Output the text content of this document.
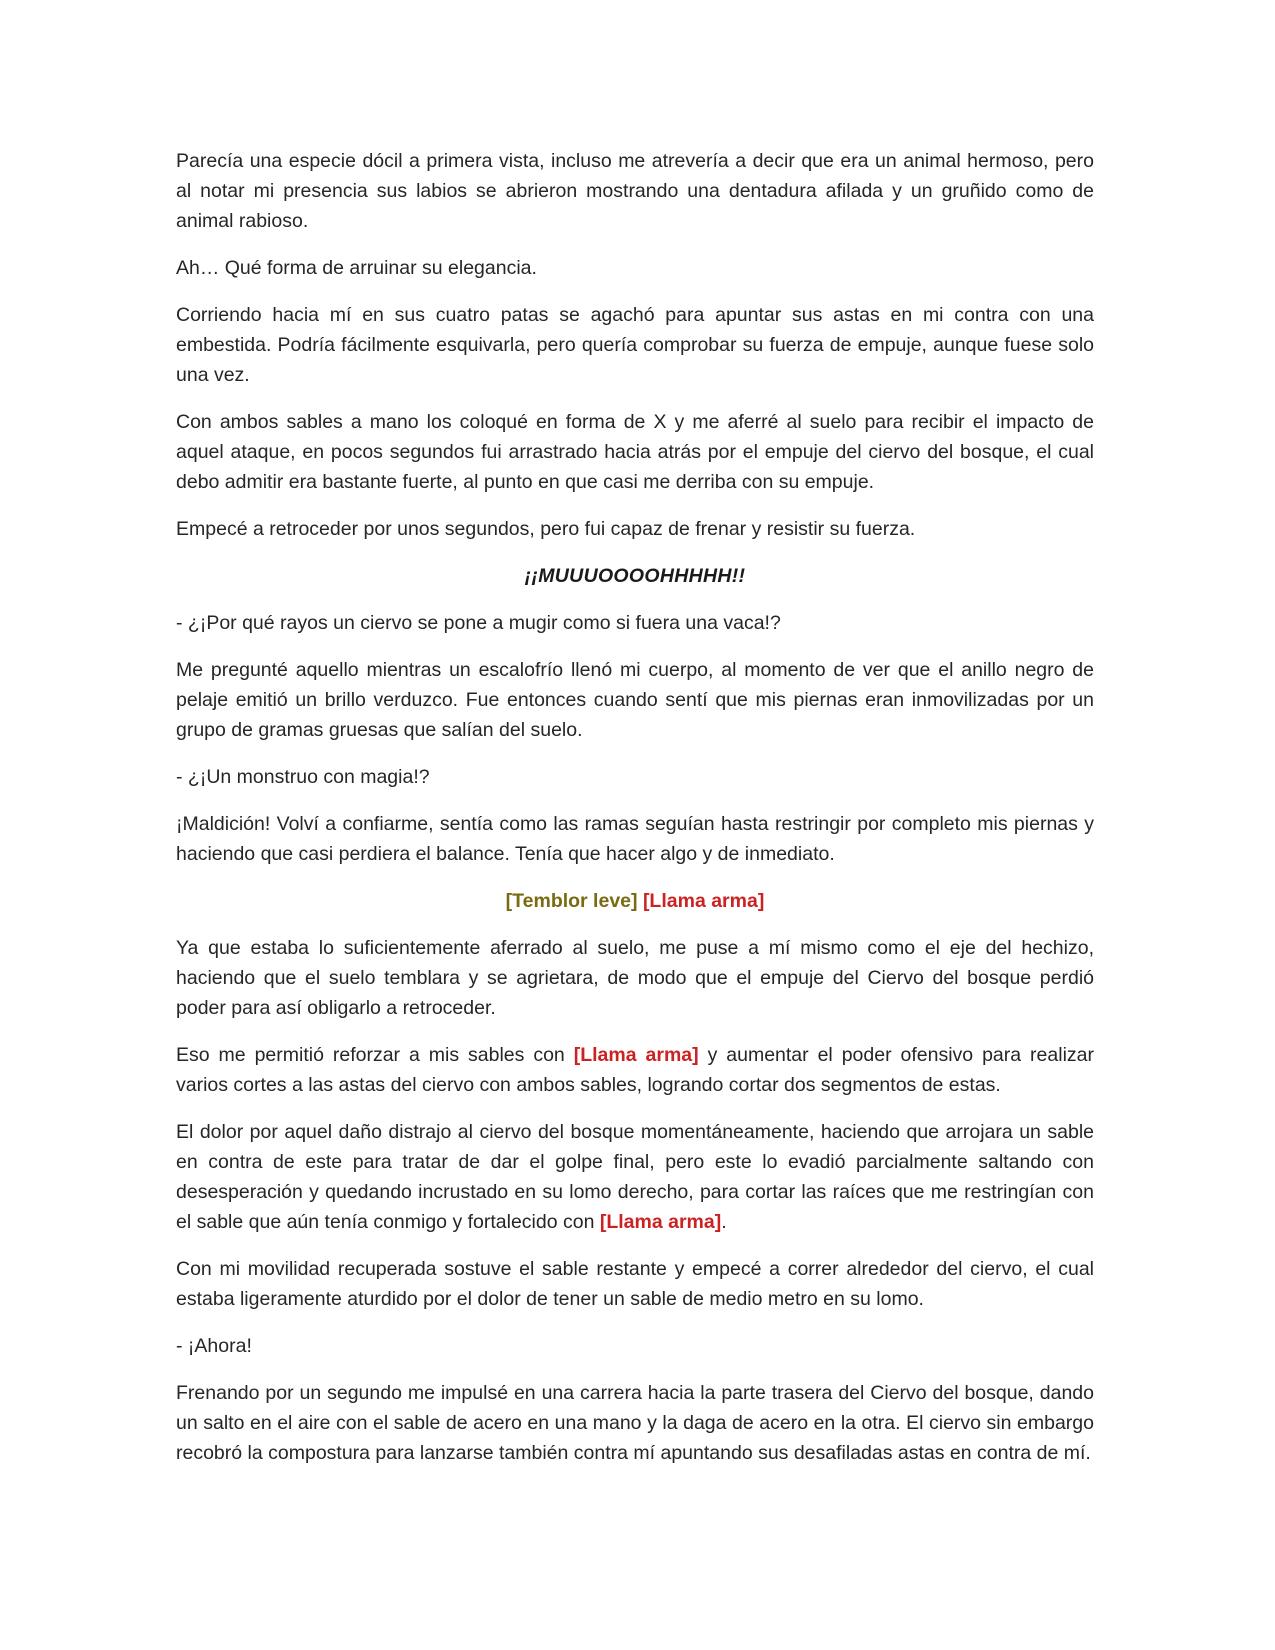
Parecía una especie dócil a primera vista, incluso me atrevería a decir que era un animal hermoso, pero al notar mi presencia sus labios se abrieron mostrando una dentadura afilada y un gruñido como de animal rabioso.

Ah… Qué forma de arruinar su elegancia.

Corriendo hacia mí en sus cuatro patas se agachó para apuntar sus astas en mi contra con una embestida. Podría fácilmente esquivarla, pero quería comprobar su fuerza de empuje, aunque fuese solo una vez.

Con ambos sables a mano los coloqué en forma de X y me aferré al suelo para recibir el impacto de aquel ataque, en pocos segundos fui arrastrado hacia atrás por el empuje del ciervo del bosque, el cual debo admitir era bastante fuerte, al punto en que casi me derriba con su empuje.

Empecé a retroceder por unos segundos, pero fui capaz de frenar y resistir su fuerza.

¡¡MUUUOOOOHHHHH!!

- ¿¡Por qué rayos un ciervo se pone a mugir como si fuera una vaca!?

Me pregunté aquello mientras un escalofrío llenó mi cuerpo, al momento de ver que el anillo negro de pelaje emitió un brillo verduzco. Fue entonces cuando sentí que mis piernas eran inmovilizadas por un grupo de gramas gruesas que salían del suelo.

- ¿¡Un monstruo con magia!?

¡Maldición! Volví a confiarme, sentía como las ramas seguían hasta restringir por completo mis piernas y haciendo que casi perdiera el balance. Tenía que hacer algo y de inmediato.

[Temblor leve] [Llama arma]

Ya que estaba lo suficientemente aferrado al suelo, me puse a mí mismo como el eje del hechizo, haciendo que el suelo temblara y se agrietara, de modo que el empuje del Ciervo del bosque perdió poder para así obligarlo a retroceder.

Eso me permitió reforzar a mis sables con [Llama arma] y aumentar el poder ofensivo para realizar varios cortes a las astas del ciervo con ambos sables, logrando cortar dos segmentos de estas.

El dolor por aquel daño distrajo al ciervo del bosque momentáneamente, haciendo que arrojara un sable en contra de este para tratar de dar el golpe final, pero este lo evadió parcialmente saltando con desesperación y quedando incrustado en su lomo derecho, para cortar las raíces que me restringían con el sable que aún tenía conmigo y fortalecido con [Llama arma].

Con mi movilidad recuperada sostuve el sable restante y empecé a correr alrededor del ciervo, el cual estaba ligeramente aturdido por el dolor de tener un sable de medio metro en su lomo.

- ¡Ahora!

Frenando por un segundo me impulsé en una carrera hacia la parte trasera del Ciervo del bosque, dando un salto en el aire con el sable de acero en una mano y la daga de acero en la otra. El ciervo sin embargo recobró la compostura para lanzarse también contra mí apuntando sus desafiladas astas en contra de mí.
